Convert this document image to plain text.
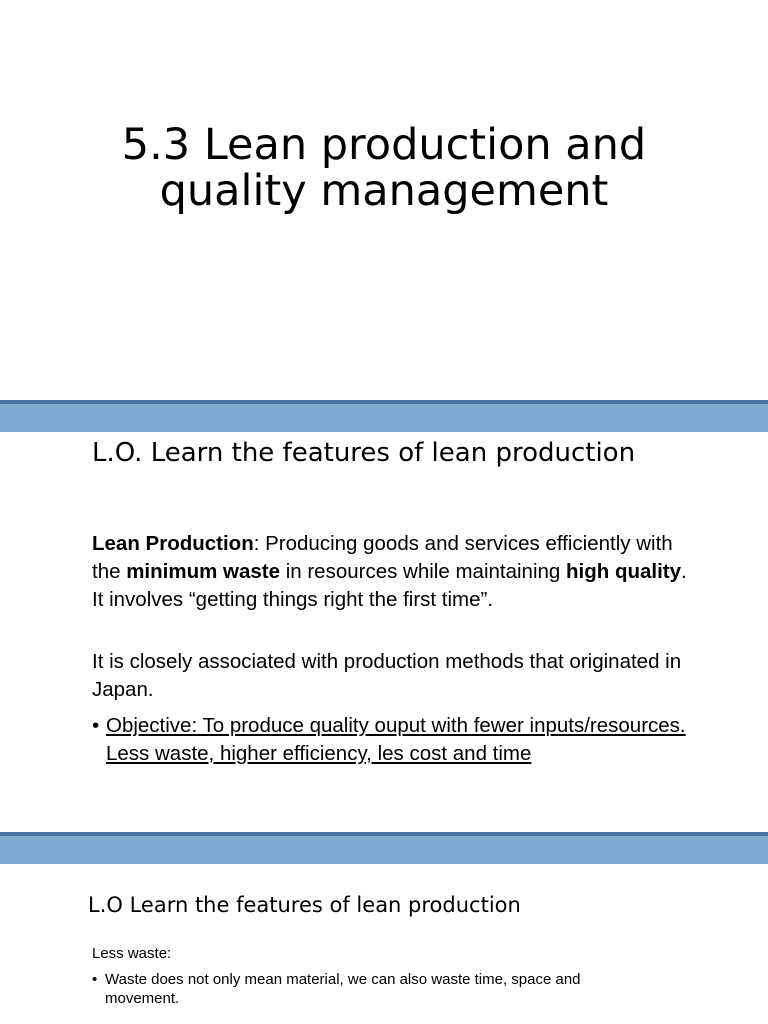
5.3 Lean production and
quality management
L.O. Learn the features of lean production

Lean Production: Producing goods and services efficiently with the minimum waste in resources while maintaining high quality. It involves “getting things right the first time”.

It is closely associated with production methods that originated in Japan.

• Objective: To produce quality ouput with fewer inputs/resources. Less waste, higher efficiency, les cost and time
L.O Learn the features of lean production

Less waste:

• Waste does not only mean material, we can also waste time, space and movement.
